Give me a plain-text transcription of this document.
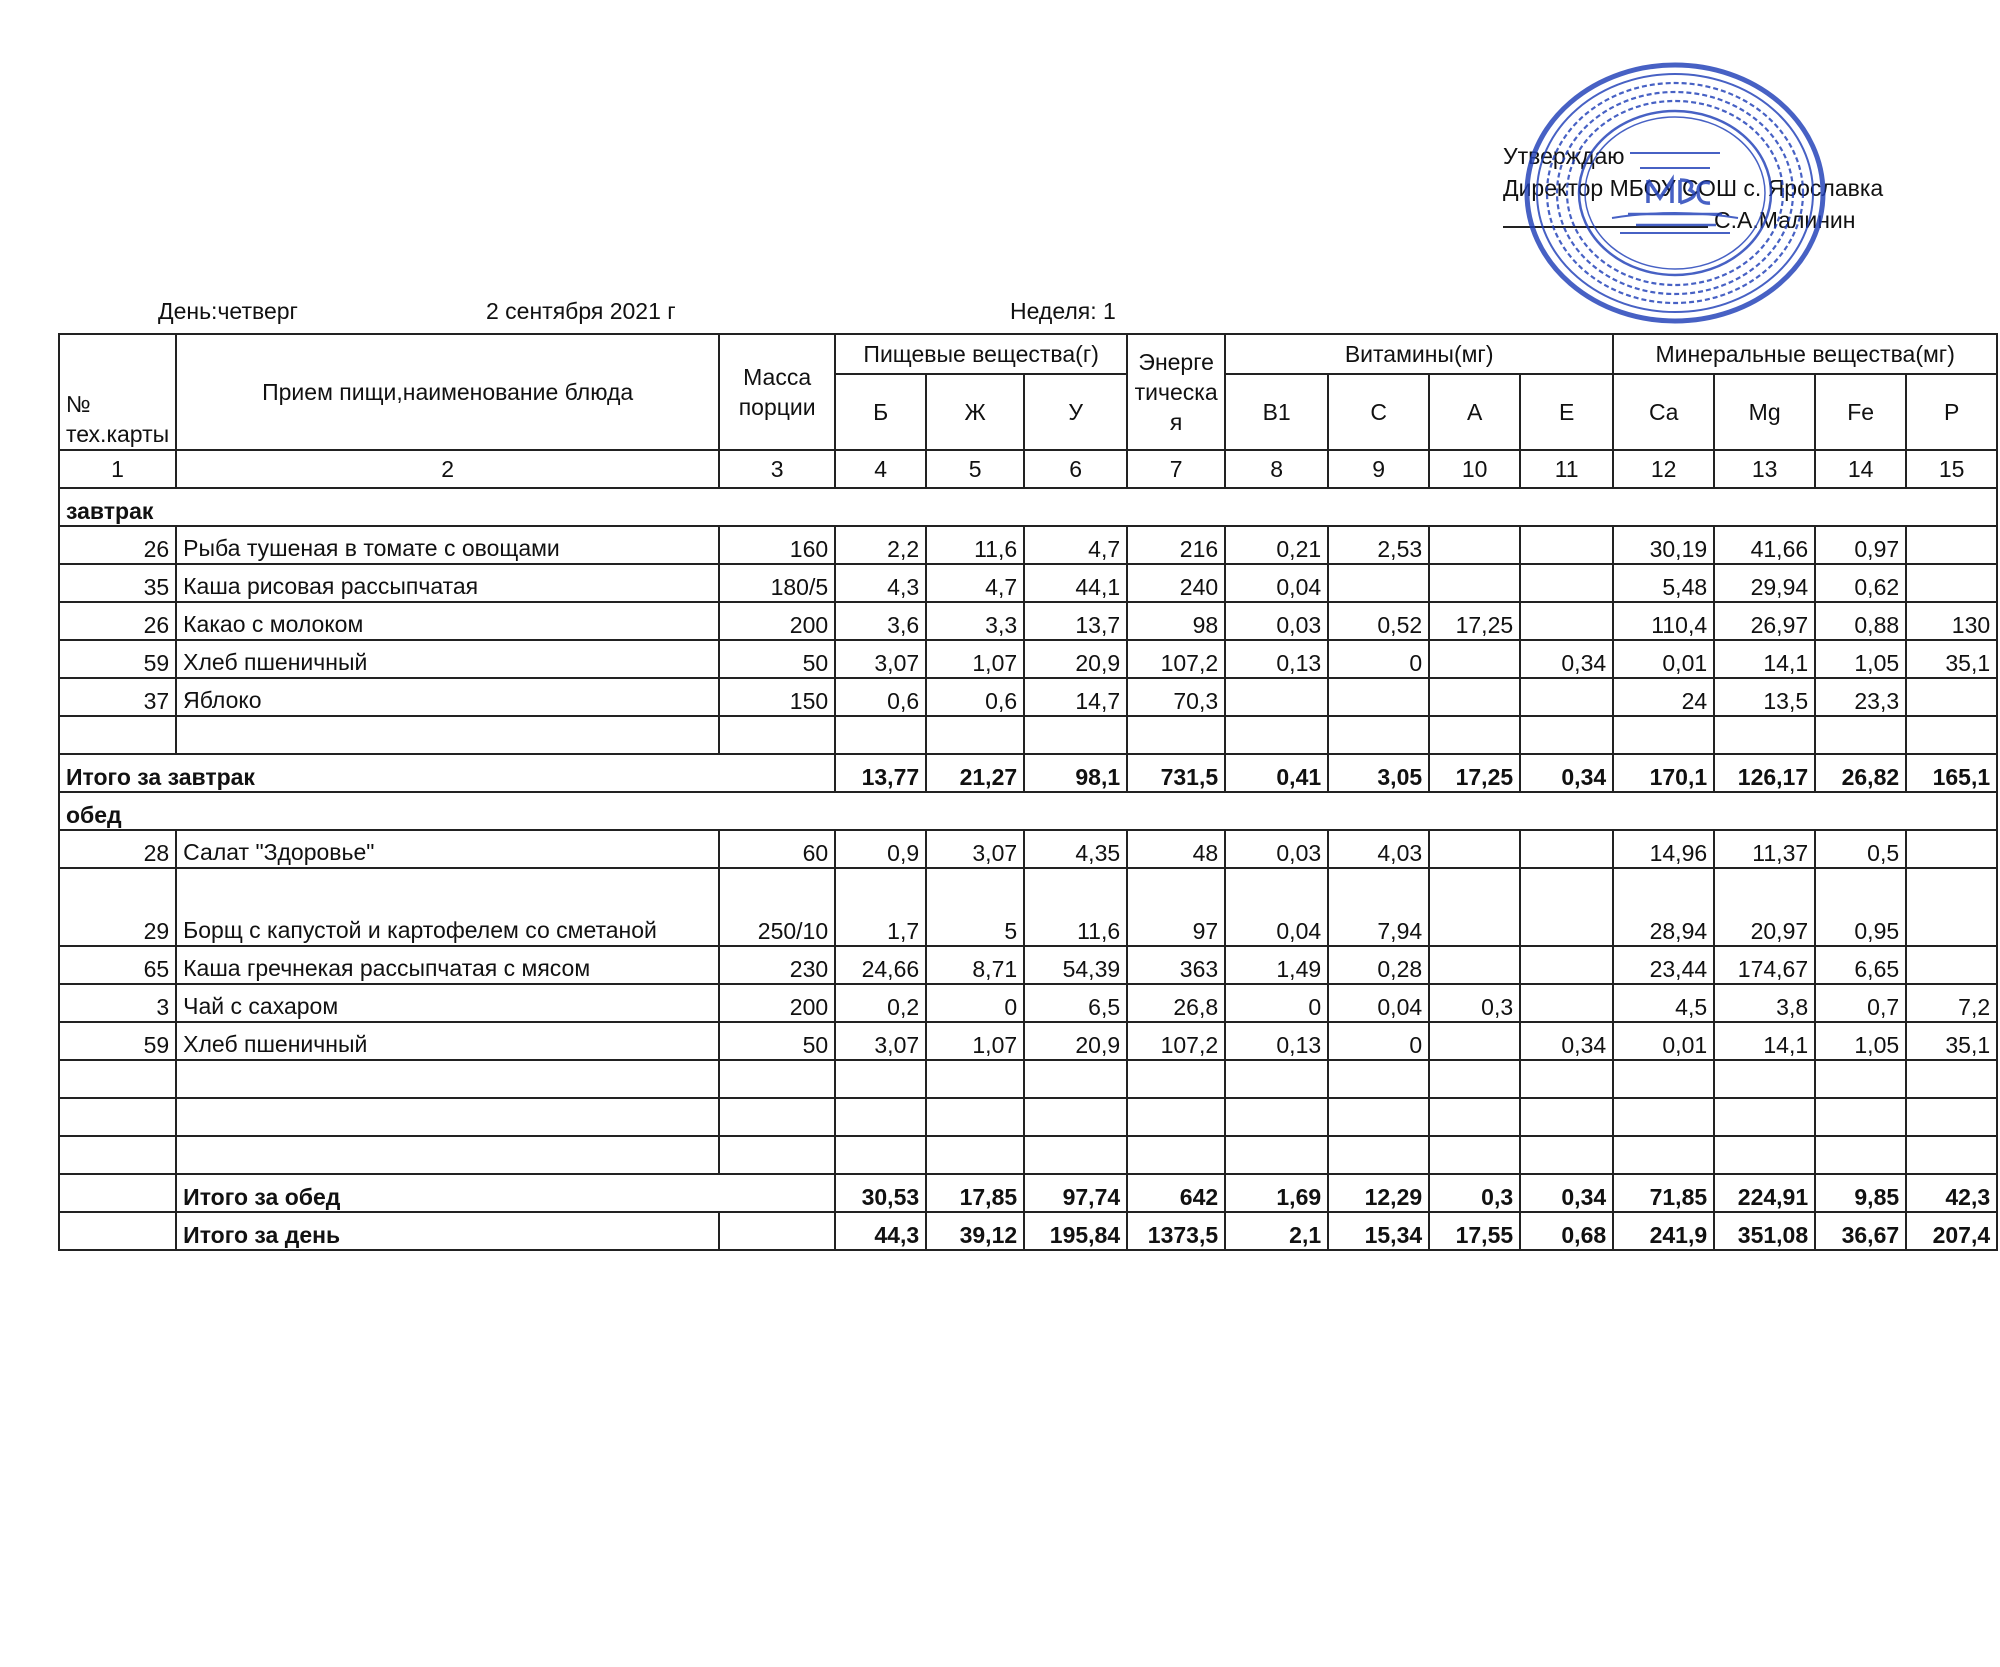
Утверждаю
Директор МБОУ СОШ с. Ярославка
С.А.Малинин
День:четверг	2 сентября 2021 г	Неделя: 1
№ тех.карты	Прием пищи,наименование блюда	Масса порции	Пищевые вещества(г)			Энергетическая	Витамины(мг)				Минеральные вещества(мг)			
			Б	Ж	У		В1	С	А	Е	Ca	Mg	Fe	P
1	2	3	4	5	6	7	8	9	10	11	12	13	14	15
завтрак														
26	Рыба тушеная в томате с овощами	160	2,2	11,6	4,7	216	0,21	2,53			30,19	41,66	0,97	
35	Каша рисовая рассыпчатая	180/5	4,3	4,7	44,1	240	0,04				5,48	29,94	0,62	
26	Какао с молоком	200	3,6	3,3	13,7	98	0,03	0,52	17,25		110,4	26,97	0,88	130
59	Хлеб пшеничный	50	3,07	1,07	20,9	107,2	0,13	0		0,34	0,01	14,1	1,05	35,1
37	Яблоко	150	0,6	0,6	14,7	70,3					24	13,5	23,3	

Итого за завтрак			13,77	21,27	98,1	731,5	0,41	3,05	17,25	0,34	170,1	126,17	26,82	165,1
обед														
28	Салат "Здоровье"	60	0,9	3,07	4,35	48	0,03	4,03			14,96	11,37	0,5	
29	Борщ с капустой и картофелем со сметаной	250/10	1,7	5	11,6	97	0,04	7,94			28,94	20,97	0,95	
65	Каша гречнекая рассыпчатая с мясом	230	24,66	8,71	54,39	363	1,49	0,28			23,44	174,67	6,65	
3	Чай с сахаром	200	0,2	0	6,5	26,8	0	0,04	0,3		4,5	3,8	0,7	7,2
59	Хлеб пшеничный	50	3,07	1,07	20,9	107,2	0,13	0		0,34	0,01	14,1	1,05	35,1

	Итого за обед		30,53	17,85	97,74	642	1,69	12,29	0,3	0,34	71,85	224,91	9,85	42,3
	Итого за день		44,3	39,12	195,84	1373,5	2,1	15,34	17,55	0,68	241,9	351,08	36,67	207,4
